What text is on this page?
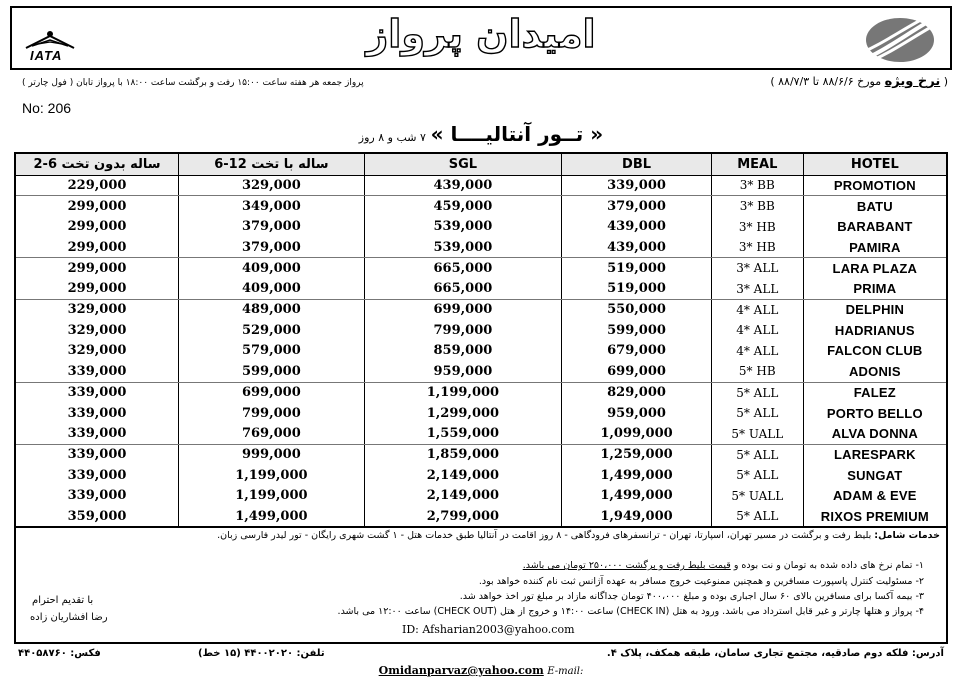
IATA	امیدان پرواز
( نرخ ویژه مورخ ۸۸/۶/۶ تا ۸۸/۷/۳ )
پرواز جمعه هر هفته ساعت ۱۵:۰۰ رفت و برگشت ساعت ۱۸:۰۰ با پرواز تابان ( فول چارتر )
No: 206
« تــور آنتالیــــا » ۷ شب و ۸ روز
2-6 ساله بدون تخت	6-12 ساله با تخت	SGL	DBL	MEAL	HOTEL
229,000	329,000	439,000	339,000	3* BB	PROMOTION
299,000	349,000	459,000	379,000	3* BB	BATU
299,000	379,000	539,000	439,000	3* HB	BARABANT
299,000	379,000	539,000	439,000	3* HB	PAMIRA
299,000	409,000	665,000	519,000	3* ALL	LARA PLAZA
299,000	409,000	665,000	519,000	3* ALL	PRIMA
329,000	489,000	699,000	550,000	4* ALL	DELPHIN
329,000	529,000	799,000	599,000	4* ALL	HADRIANUS
329,000	579,000	859,000	679,000	4* ALL	FALCON CLUB
339,000	599,000	959,000	699,000	5* HB	ADONIS
339,000	699,000	1,199,000	829,000	5* ALL	FALEZ
339,000	799,000	1,299,000	959,000	5* ALL	PORTO BELLO
339,000	769,000	1,559,000	1,099,000	5* UALL	ALVA DONNA
339,000	999,000	1,859,000	1,259,000	5* ALL	LARESPARK
339,000	1,199,000	2,149,000	1,499,000	5* ALL	SUNGAT
339,000	1,199,000	2,149,000	1,499,000	5* UALL	ADAM & EVE
359,000	1,499,000	2,799,000	1,949,000	5* ALL	RIXOS PREMIUM
خدمات شامل: بلیط رفت و برگشت در مسیر تهران، اسپارتا، تهران - ترانسفرهای فرودگاهی - ۸ روز اقامت در آنتالیا طبق خدمات هتل - ۱ گشت شهری رایگان - تور لیدر فارسی زبان.
۱- تمام نرخ های داده شده به تومان و نت بوده و قیمت بلیط رفت و برگشت ۲۵۰،۰۰۰ تومان می باشد.
۲- مسئولیت کنترل پاسپورت مسافرین و همچنین ممنوعیت خروج مسافر به عهده آژانس ثبت نام کننده خواهد بود.
۳- بیمه آکسا برای مسافرین بالای ۶۰ سال اجباری بوده و مبلغ ۴۰۰،۰۰۰ تومان جداگانه مازاد بر مبلغ تور اخذ خواهد شد.
۴- پرواز و هتلها چارتر و غیر قابل استرداد می باشد. ورود به هتل (CHECK IN) ساعت ۱۴:۰۰ و خروج از هتل (CHECK OUT) ساعت ۱۲:۰۰ می باشد.
ID: Afsharian2003@yahoo.com
با تقدیم احترام
رضا افشاریان زاده
آدرس: فلکه دوم صادقیه، مجتمع تجاری سامان، طبقه همکف، پلاک ۴.
تلفن: ۴۴۰۰۲۰۲۰ (۱۵ خط)
فکس: ۴۴۰۵۸۷۶۰
Omidanparvaz@yahoo.com E-mail:
